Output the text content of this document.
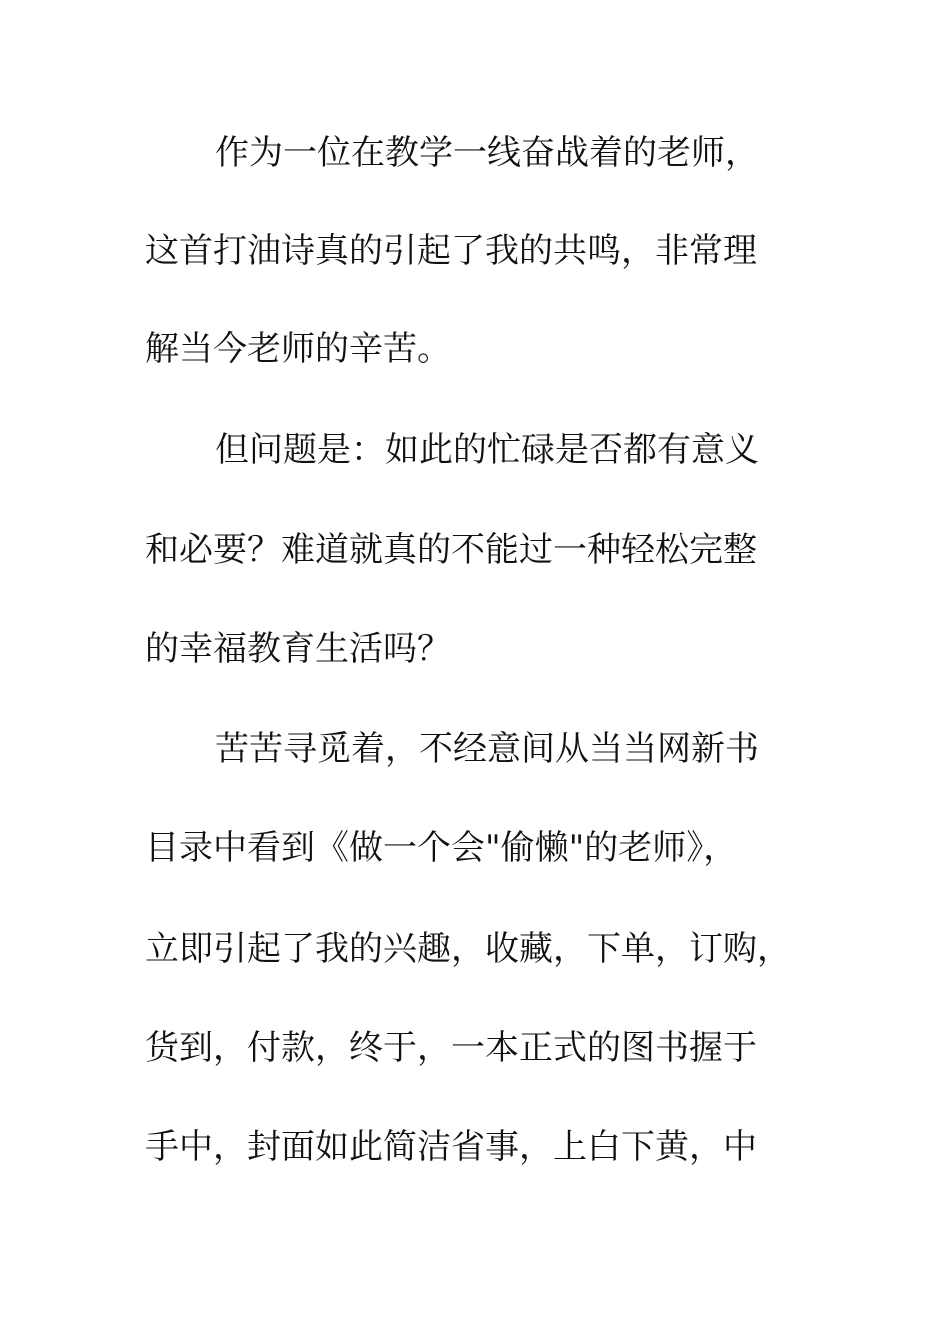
作为一位在教学一线奋战着的老师，

这首打油诗真的引起了我的共鸣，非常理

解当今老师的辛苦。

但问题是：如此的忙碌是否都有意义

和必要？难道就真的不能过一种轻松完整

的幸福教育生活吗？

苦苦寻觅着，不经意间从当当网新书

目录中看到《做一个会"偷懒"的老师》，

立即引起了我的兴趣，收藏，下单，订购，

货到，付款，终于，一本正式的图书握于

手中，封面如此简洁省事，上白下黄，中
